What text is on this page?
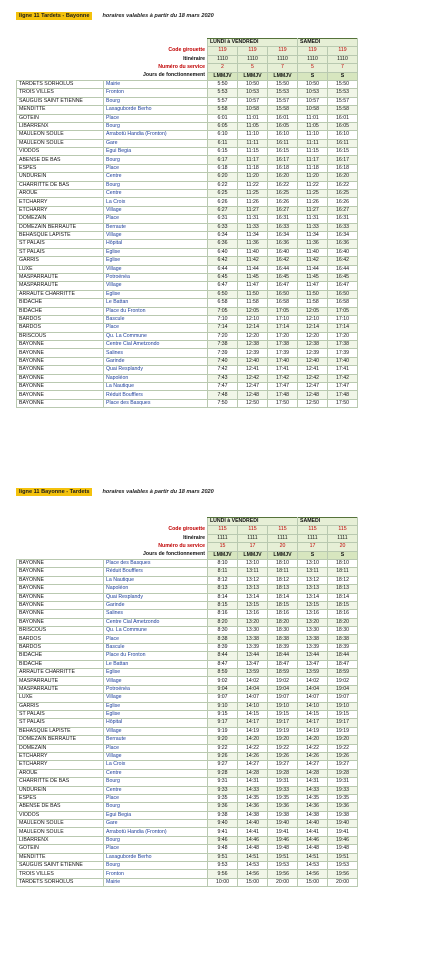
ligne 11 Tardets - Bayonne	horaires valables à partir du 18 mars 2020
		LUNDI à VENDREDI			SAMEDI	
	Code girouette	119	119	119	119	119
	Itinéraire	1110	1110	1110	1110	1110
	Numéro du service	2	5	7	5	7
	Jours de fonctionnement	LMMJV	LMMJV	LMMJV	S	S
TARDETS SORHOLUS	Mairie	5:50	10:50	15:50	10:50	15:50
TROIS VILLES	Fronton	5:53	10:53	15:53	10:53	15:53
SAUGUIS SAINT ETIENNE	Bourg	5:57	10:57	15:57	10:57	15:57
MENDITTE	Laxaguborde Berho	5:58	10:58	15:58	10:58	15:58
GOTEIN	Place	6:01	11:01	16:01	11:01	16:01
LIBARRENX	Bourg	6:05	11:05	16:05	11:05	16:05
MAULEON SOULE	Arrabotü Handia (Fronton)	6:10	11:10	16:10	11:10	16:10
MAULEON SOULE	Gare	6:11	11:11	16:11	11:11	16:11
VIODOS	Egui Begia	6:15	11:15	16:15	11:15	16:15
ABENSE DE BAS	Bourg	6:17	11:17	16:17	11:17	16:17
ESPES	Place	6:18	11:18	16:18	11:18	16:18
UNDUREIN	Centre	6:20	11:20	16:20	11:20	16:20
CHARRITTE DE BAS	Bourg	6:22	11:22	16:22	11:22	16:22
AROUE	Centre	6:25	11:25	16:25	11:25	16:25
ETCHARRY	La Croix	6:26	11:26	16:26	11:26	16:26
ETCHARRY	Village	6:27	11:27	16:27	11:27	16:27
DOMEZAIN	Place	6:31	11:31	16:31	11:31	16:31
DOMEZAIN BERRAUTE	Berraute	6:33	11:33	16:33	11:33	16:33
BEHASQUE LAPISTE	Village	6:34	11:34	16:34	11:34	16:34
ST PALAIS	Hôpital	6:36	11:36	16:36	11:36	16:36
ST PALAIS	Eglise	6:40	11:40	16:40	11:40	16:40
GARRIS	Eglise	6:42	11:42	16:42	11:42	16:42
LUXE	Village	6:44	11:44	16:44	11:44	16:44
MASPARRAUTE	Potroénéa	6:45	11:45	16:45	11:45	16:45
MASPARRAUTE	Village	6:47	11:47	16:47	11:47	16:47
ARRAUTE CHARRITTE	Eglise	6:50	11:50	16:50	11:50	16:50
BIDACHE	Le Battan	6:58	11:58	16:58	11:58	16:58
BIDACHE	Place du Fronton	7:05	12:05	17:05	12:05	17:05
BARDOS	Bascule	7:10	12:10	17:10	12:10	17:10
BARDOS	Place	7:14	12:14	17:14	12:14	17:14
BRISCOUS	Qu. La Commune	7:20	12:20	17:20	12:20	17:20
BAYONNE	Centre Cial Ametzondo	7:38	12:38	17:38	12:38	17:38
BAYONNE	Salines	7:39	12:39	17:39	12:39	17:39
BAYONNE	Garinde	7:40	12:40	17:40	12:40	17:40
BAYONNE	Quai Resplandy	7:42	12:41	17:41	12:41	17:41
BAYONNE	Napoléon	7:43	12:42	17:42	12:42	17:42
BAYONNE	La Nautique	7:47	12:47	17:47	12:47	17:47
BAYONNE	Réduit Boufflers	7:48	12:48	17:48	12:48	17:48
BAYONNE	Place des Basques	7:50	12:50	17:50	12:50	17:50
ligne 11 Bayonne - Tardets	horaires valables à partir du 18 mars 2020
		LUNDI à VENDREDI			SAMEDI	
	Code girouette	115	115	115	115	115
	Itinéraire	1111	1111	1111	1111	1111
	Numéro du service	15	17	20	17	20
	Jours de fonctionnement	LMMJV	LMMJV	LMMJV	S	S
BAYONNE	Place des Basques	8:10	13:10	18:10	13:10	18:10
BAYONNE	Réduit Boufflers	8:11	13:11	18:11	13:11	18:11
BAYONNE	La Nautique	8:12	13:12	18:12	13:12	18:12
BAYONNE	Napoléon	8:13	13:13	18:13	13:13	18:13
BAYONNE	Quai Resplandy	8:14	13:14	18:14	13:14	18:14
BAYONNE	Garinde	8:15	13:15	18:15	13:15	18:15
BAYONNE	Salines	8:16	13:16	18:16	13:16	18:16
BAYONNE	Centre Cial Ametzondo	8:20	13:20	18:20	13:20	18:20
BRISCOUS	Qu. La Commune	8:30	13:30	18:30	13:30	18:30
BARDOS	Place	8:38	13:38	18:38	13:38	18:38
BARDOS	Bascule	8:39	13:39	18:39	13:39	18:39
BIDACHE	Place du Fronton	8:44	13:44	18:44	13:44	18:44
BIDACHE	Le Battan	8:47	13:47	18:47	13:47	18:47
ARRAUTE CHARRITTE	Eglise	8:59	13:59	18:59	13:59	18:59
MASPARRAUTE	Village	9:02	14:02	19:02	14:02	19:02
MASPARRAUTE	Potroénéa	9:04	14:04	19:04	14:04	19:04
LUXE	Village	9:07	14:07	19:07	14:07	19:07
GARRIS	Eglise	9:10	14:10	19:10	14:10	19:10
ST PALAIS	Eglise	9:15	14:15	19:15	14:15	19:15
ST PALAIS	Hôpital	9:17	14:17	19:17	14:17	19:17
BEHASQUE LAPISTE	Village	9:19	14:19	19:19	14:19	19:19
DOMEZAIN BERRAUTE	Berraute	9:20	14:20	19:20	14:20	19:20
DOMEZAIN	Place	9:22	14:22	19:22	14:22	19:22
ETCHARRY	Village	9:26	14:26	19:26	14:26	19:26
ETCHARRY	La Croix	9:27	14:27	19:27	14:27	19:27
AROUE	Centre	9:28	14:28	19:28	14:28	19:28
CHARRITTE DE BAS	Bourg	9:31	14:31	19:31	14:31	19:31
UNDUREIN	Centre	9:33	14:33	19:33	14:33	19:33
ESPES	Place	9:35	14:35	19:35	14:35	19:35
ABENSE DE BAS	Bourg	9:36	14:36	19:36	14:36	19:36
VIODOS	Egui Begia	9:38	14:38	19:38	14:38	19:38
MAULEON SOULE	Gare	9:40	14:40	19:40	14:40	19:40
MAULEON SOULE	Arrabotü Handia (Fronton)	9:41	14:41	19:41	14:41	19:41
LIBARRENX	Bourg	9:46	14:46	19:46	14:46	19:46
GOTEIN	Place	9:48	14:48	19:48	14:48	19:48
MENDITTE	Laxaguborde Berho	9:51	14:51	19:51	14:51	19:51
SAUGUIS SAINT ETIENNE	Bourg	9:53	14:53	19:53	14:53	19:53
TROIS VILLES	Fronton	9:56	14:56	19:56	14:56	19:56
TARDETS SORHOLUS	Mairie	10:00	15:00	20:00	15:00	20:00
